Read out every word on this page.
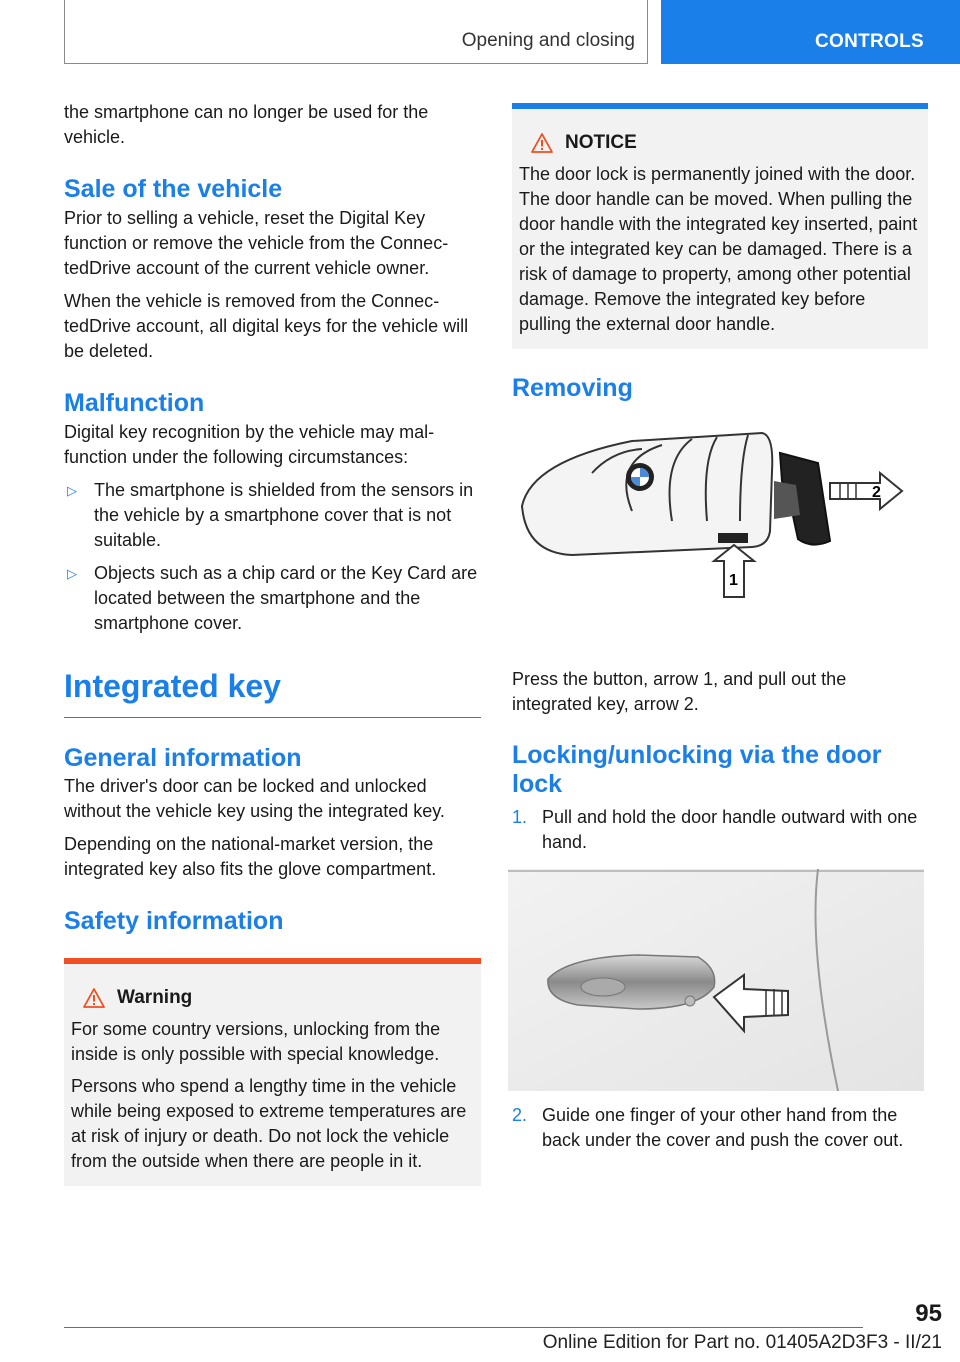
Opening and closing	CONTROLS

the smartphone can no longer be used for the vehicle.

Sale of the vehicle

Prior to selling a vehicle, reset the Digital Key function or remove the vehicle from the ConnectedDrive account of the current vehicle owner.

When the vehicle is removed from the ConnectedDrive account, all digital keys for the vehicle will be deleted.

Malfunction

Digital key recognition by the vehicle may malfunction under the following circumstances:

▷ The smartphone is shielded from the sensors in the vehicle by a smartphone cover that is not suitable.
▷ Objects such as a chip card or the Key Card are located between the smartphone and the smartphone cover.
Integrated key
General information

The driver's door can be locked and unlocked without the vehicle key using the integrated key.

Depending on the national-market version, the integrated key also fits the glove compartment.

Safety information
Warning

For some country versions, unlocking from the inside is only possible with special knowledge.

Persons who spend a lengthy time in the vehicle while being exposed to extreme temperatures are at risk of injury or death. Do not lock the vehicle from the outside when there are people in it.

NOTICE

The door lock is permanently joined with the door. The door handle can be moved. When pulling the door handle with the integrated key inserted, paint or the integrated key can be damaged. There is a risk of damage to property, among other potential damage. Remove the integrated key before pulling the external door handle.

Removing
2
1

Press the button, arrow 1, and pull out the integrated key, arrow 2.

Locking/unlocking via the door lock
1. Pull and hold the door handle outward with one hand.
2. Guide one finger of your other hand from the back under the cover and push the cover out.
95
Online Edition for Part no. 01405A2D3F3 - II/21
